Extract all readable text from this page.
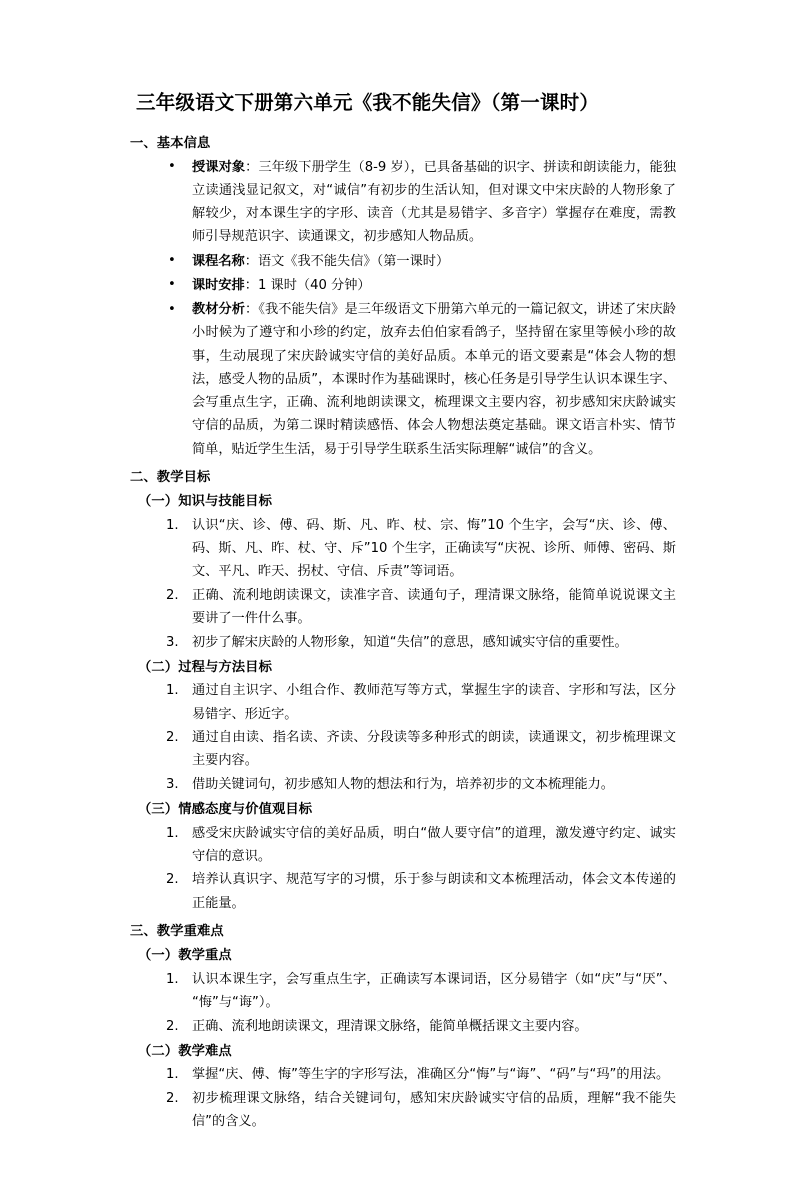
三年级语文下册第六单元《我不能失信》（第一课时）
一、基本信息
• 授课对象：三年级下册学生（8-9 岁），已具备基础的识字、拼读和朗读能力，能独立读通浅显记叙文，对“诚信”有初步的生活认知，但对课文中宋庆龄的人物形象了解较少，对本课生字的字形、读音（尤其是易错字、多音字）掌握存在难度，需教师引导规范识字、读通课文，初步感知人物品质。
• 课程名称：语文《我不能失信》（第一课时）
• 课时安排：1 课时（40 分钟）
• 教材分析：《我不能失信》是三年级语文下册第六单元的一篇记叙文，讲述了宋庆龄小时候为了遵守和小珍的约定，放弃去伯伯家看鸽子，坚持留在家里等候小珍的故事，生动展现了宋庆龄诚实守信的美好品质。本单元的语文要素是“体会人物的想法，感受人物的品质”，本课时作为基础课时，核心任务是引导学生认识本课生字、会写重点生字，正确、流利地朗读课文，梳理课文主要内容，初步感知宋庆龄诚实守信的品质，为第二课时精读感悟、体会人物想法奠定基础。课文语言朴实、情节简单，贴近学生生活，易于引导学生联系生活实际理解“诚信”的含义。
二、教学目标
（一）知识与技能目标
认识“庆、诊、傅、码、斯、凡、昨、杖、宗、悔”10 个生字，会写“庆、诊、傅、码、斯、凡、昨、杖、守、斥”10 个生字，正确读写“庆祝、诊所、师傅、密码、斯文、平凡、昨天、拐杖、守信、斥责”等词语。
正确、流利地朗读课文，读准字音、读通句子，理清课文脉络，能简单说说课文主要讲了一件什么事。
初步了解宋庆龄的人物形象，知道“失信”的意思，感知诚实守信的重要性。
（二）过程与方法目标
通过自主识字、小组合作、教师范写等方式，掌握生字的读音、字形和写法，区分易错字、形近字。
通过自由读、指名读、齐读、分段读等多种形式的朗读，读通课文，初步梳理课文主要内容。
借助关键词句，初步感知人物的想法和行为，培养初步的文本梳理能力。
（三）情感态度与价值观目标
感受宋庆龄诚实守信的美好品质，明白“做人要守信”的道理，激发遵守约定、诚实守信的意识。
培养认真识字、规范写字的习惯，乐于参与朗读和文本梳理活动，体会文本传递的正能量。
三、教学重难点
（一）教学重点
认识本课生字，会写重点生字，正确读写本课词语，区分易错字（如“庆”与“厌”、“悔”与“诲”）。
正确、流利地朗读课文，理清课文脉络，能简单概括课文主要内容。
（二）教学难点
掌握“庆、傅、悔”等生字的字形写法，准确区分“悔”与“诲”、“码”与“玛”的用法。
初步梳理课文脉络，结合关键词句，感知宋庆龄诚实守信的品质，理解“我不能失信”的含义。
